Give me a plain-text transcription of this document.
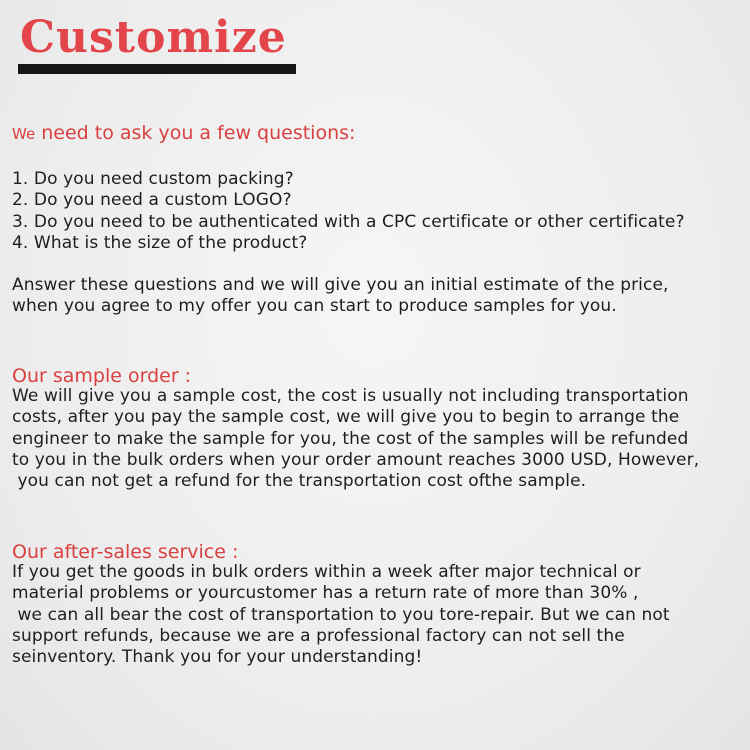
Customize
We need to ask you a few questions:
1. Do you need custom packing?
2. Do you need a custom LOGO?
3. Do you need to be authenticated with a CPC certificate or other certificate?
4. What is the size of the product?
Answer these questions and we will give you an initial estimate of the price,
when you agree to my offer you can start to produce samples for you.
Our sample order :
We will give you a sample cost, the cost is usually not including transportation
costs, after you pay the sample cost, we will give you to begin to arrange the
engineer to make the sample for you, the cost of the samples will be refunded
to you in the bulk orders when your order amount reaches 3000 USD, However,
you can not get a refund for the transportation cost ofthe sample.
Our after-sales service :
If you get the goods in bulk orders within a week after major technical or
material problems or yourcustomer has a return rate of more than 30% ,
we can all bear the cost of transportation to you tore-repair. But we can not
support refunds, because we are a professional factory can not sell the
seinventory. Thank you for your understanding!
